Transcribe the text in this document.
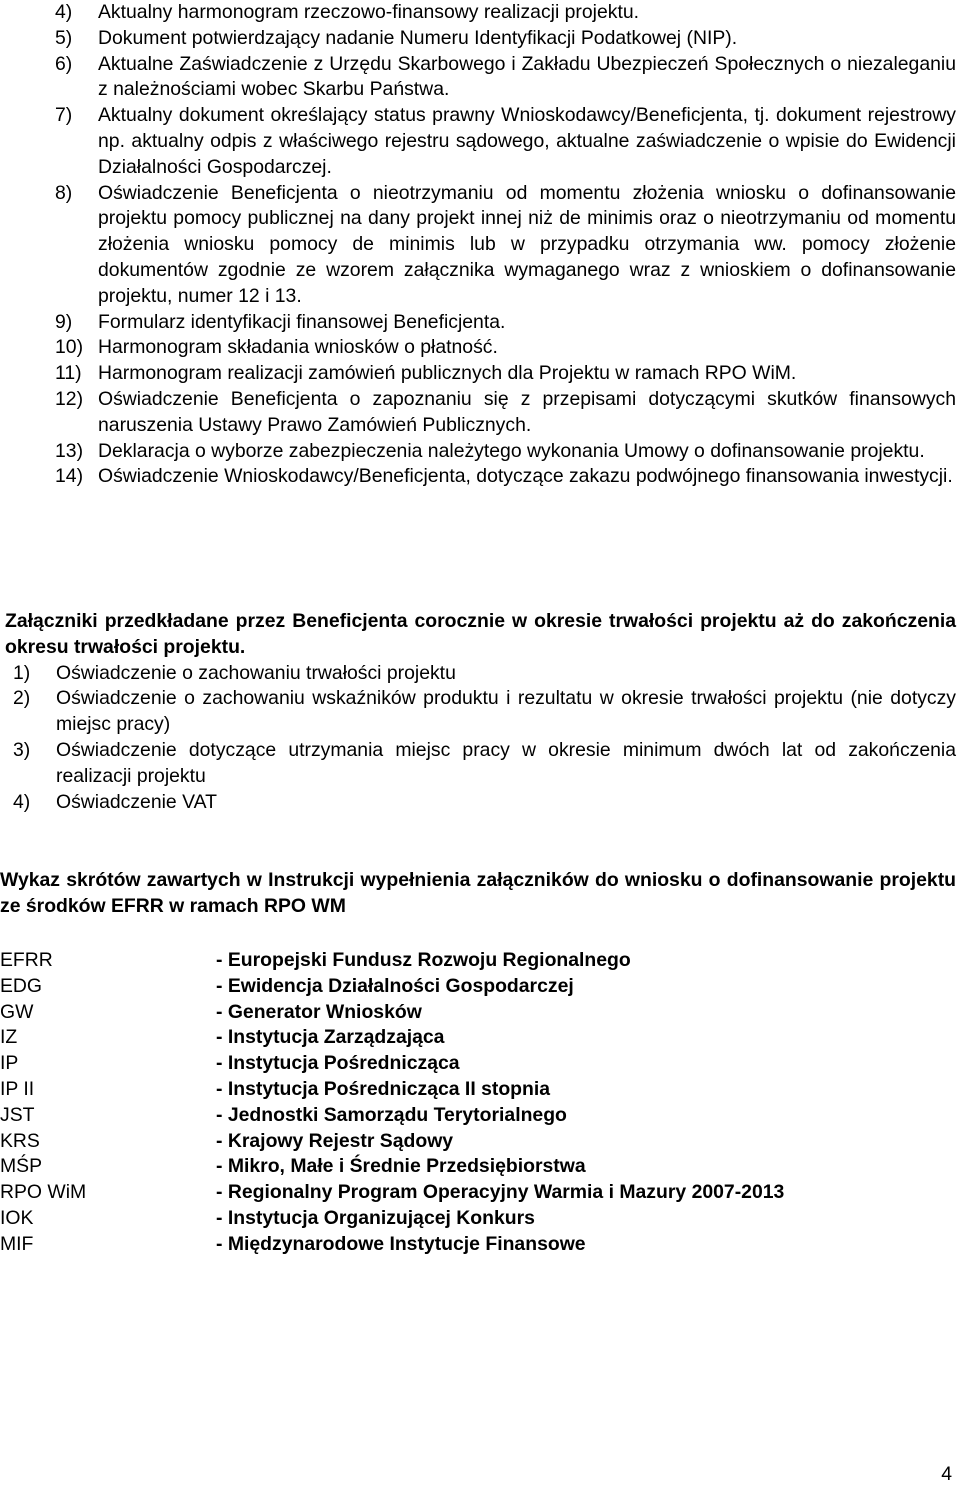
4)	Aktualny harmonogram rzeczowo-finansowy realizacji projektu.
5)	Dokument potwierdzający nadanie Numeru Identyfikacji Podatkowej (NIP).
6)	Aktualne Zaświadczenie z Urzędu Skarbowego i Zakładu Ubezpieczeń Społecznych o niezaleganiu z należnościami wobec Skarbu Państwa.
7)	Aktualny dokument określający status prawny Wnioskodawcy/Beneficjenta, tj. dokument rejestrowy np. aktualny odpis z właściwego rejestru sądowego, aktualne zaświadczenie o wpisie do Ewidencji Działalności Gospodarczej.
8)	Oświadczenie Beneficjenta o nieotrzymaniu od momentu złożenia wniosku o dofinansowanie projektu pomocy publicznej na dany projekt innej niż de minimis oraz o nieotrzymaniu od momentu złożenia wniosku pomocy de minimis lub w przypadku otrzymania ww. pomocy złożenie dokumentów zgodnie ze wzorem załącznika wymaganego wraz z wnioskiem o dofinansowanie projektu, numer 12 i 13.
9)	Formularz identyfikacji finansowej Beneficjenta.
10) Harmonogram składania wniosków o płatność.
11) Harmonogram realizacji zamówień publicznych dla Projektu w ramach RPO WiM.
12) Oświadczenie Beneficjenta o zapoznaniu się z przepisami dotyczącymi skutków finansowych naruszenia Ustawy Prawo Zamówień Publicznych.
13) Deklaracja o wyborze zabezpieczenia należytego wykonania Umowy o dofinansowanie projektu.
14) Oświadczenie Wnioskodawcy/Beneficjenta, dotyczące zakazu podwójnego finansowania inwestycji.
Załączniki przedkładane przez Beneficjenta corocznie w okresie trwałości projektu aż do zakończenia okresu trwałości projektu.
1)	Oświadczenie o zachowaniu trwałości projektu
2)	Oświadczenie o zachowaniu wskaźników produktu i rezultatu w okresie trwałości projektu (nie dotyczy miejsc pracy)
3)	Oświadczenie dotyczące utrzymania miejsc pracy w okresie minimum dwóch lat od zakończenia realizacji projektu
4)	Oświadczenie VAT
Wykaz skrótów zawartych w Instrukcji wypełnienia załączników do wniosku o dofinansowanie projektu ze środków EFRR w ramach RPO WM
EFRR	- Europejski Fundusz Rozwoju Regionalnego
EDG	- Ewidencja Działalności Gospodarczej
GW	- Generator Wniosków
IZ	- Instytucja Zarządzająca
IP	- Instytucja Pośrednicząca
IP II	- Instytucja Pośrednicząca II stopnia
JST	- Jednostki Samorządu Terytorialnego
KRS	- Krajowy Rejestr Sądowy
MŚP	- Mikro, Małe i Średnie Przedsiębiorstwa
RPO WiM	- Regionalny Program Operacyjny Warmia i Mazury 2007-2013
IOK	- Instytucja Organizującej Konkurs
MIF	- Międzynarodowe Instytucje Finansowe
4
